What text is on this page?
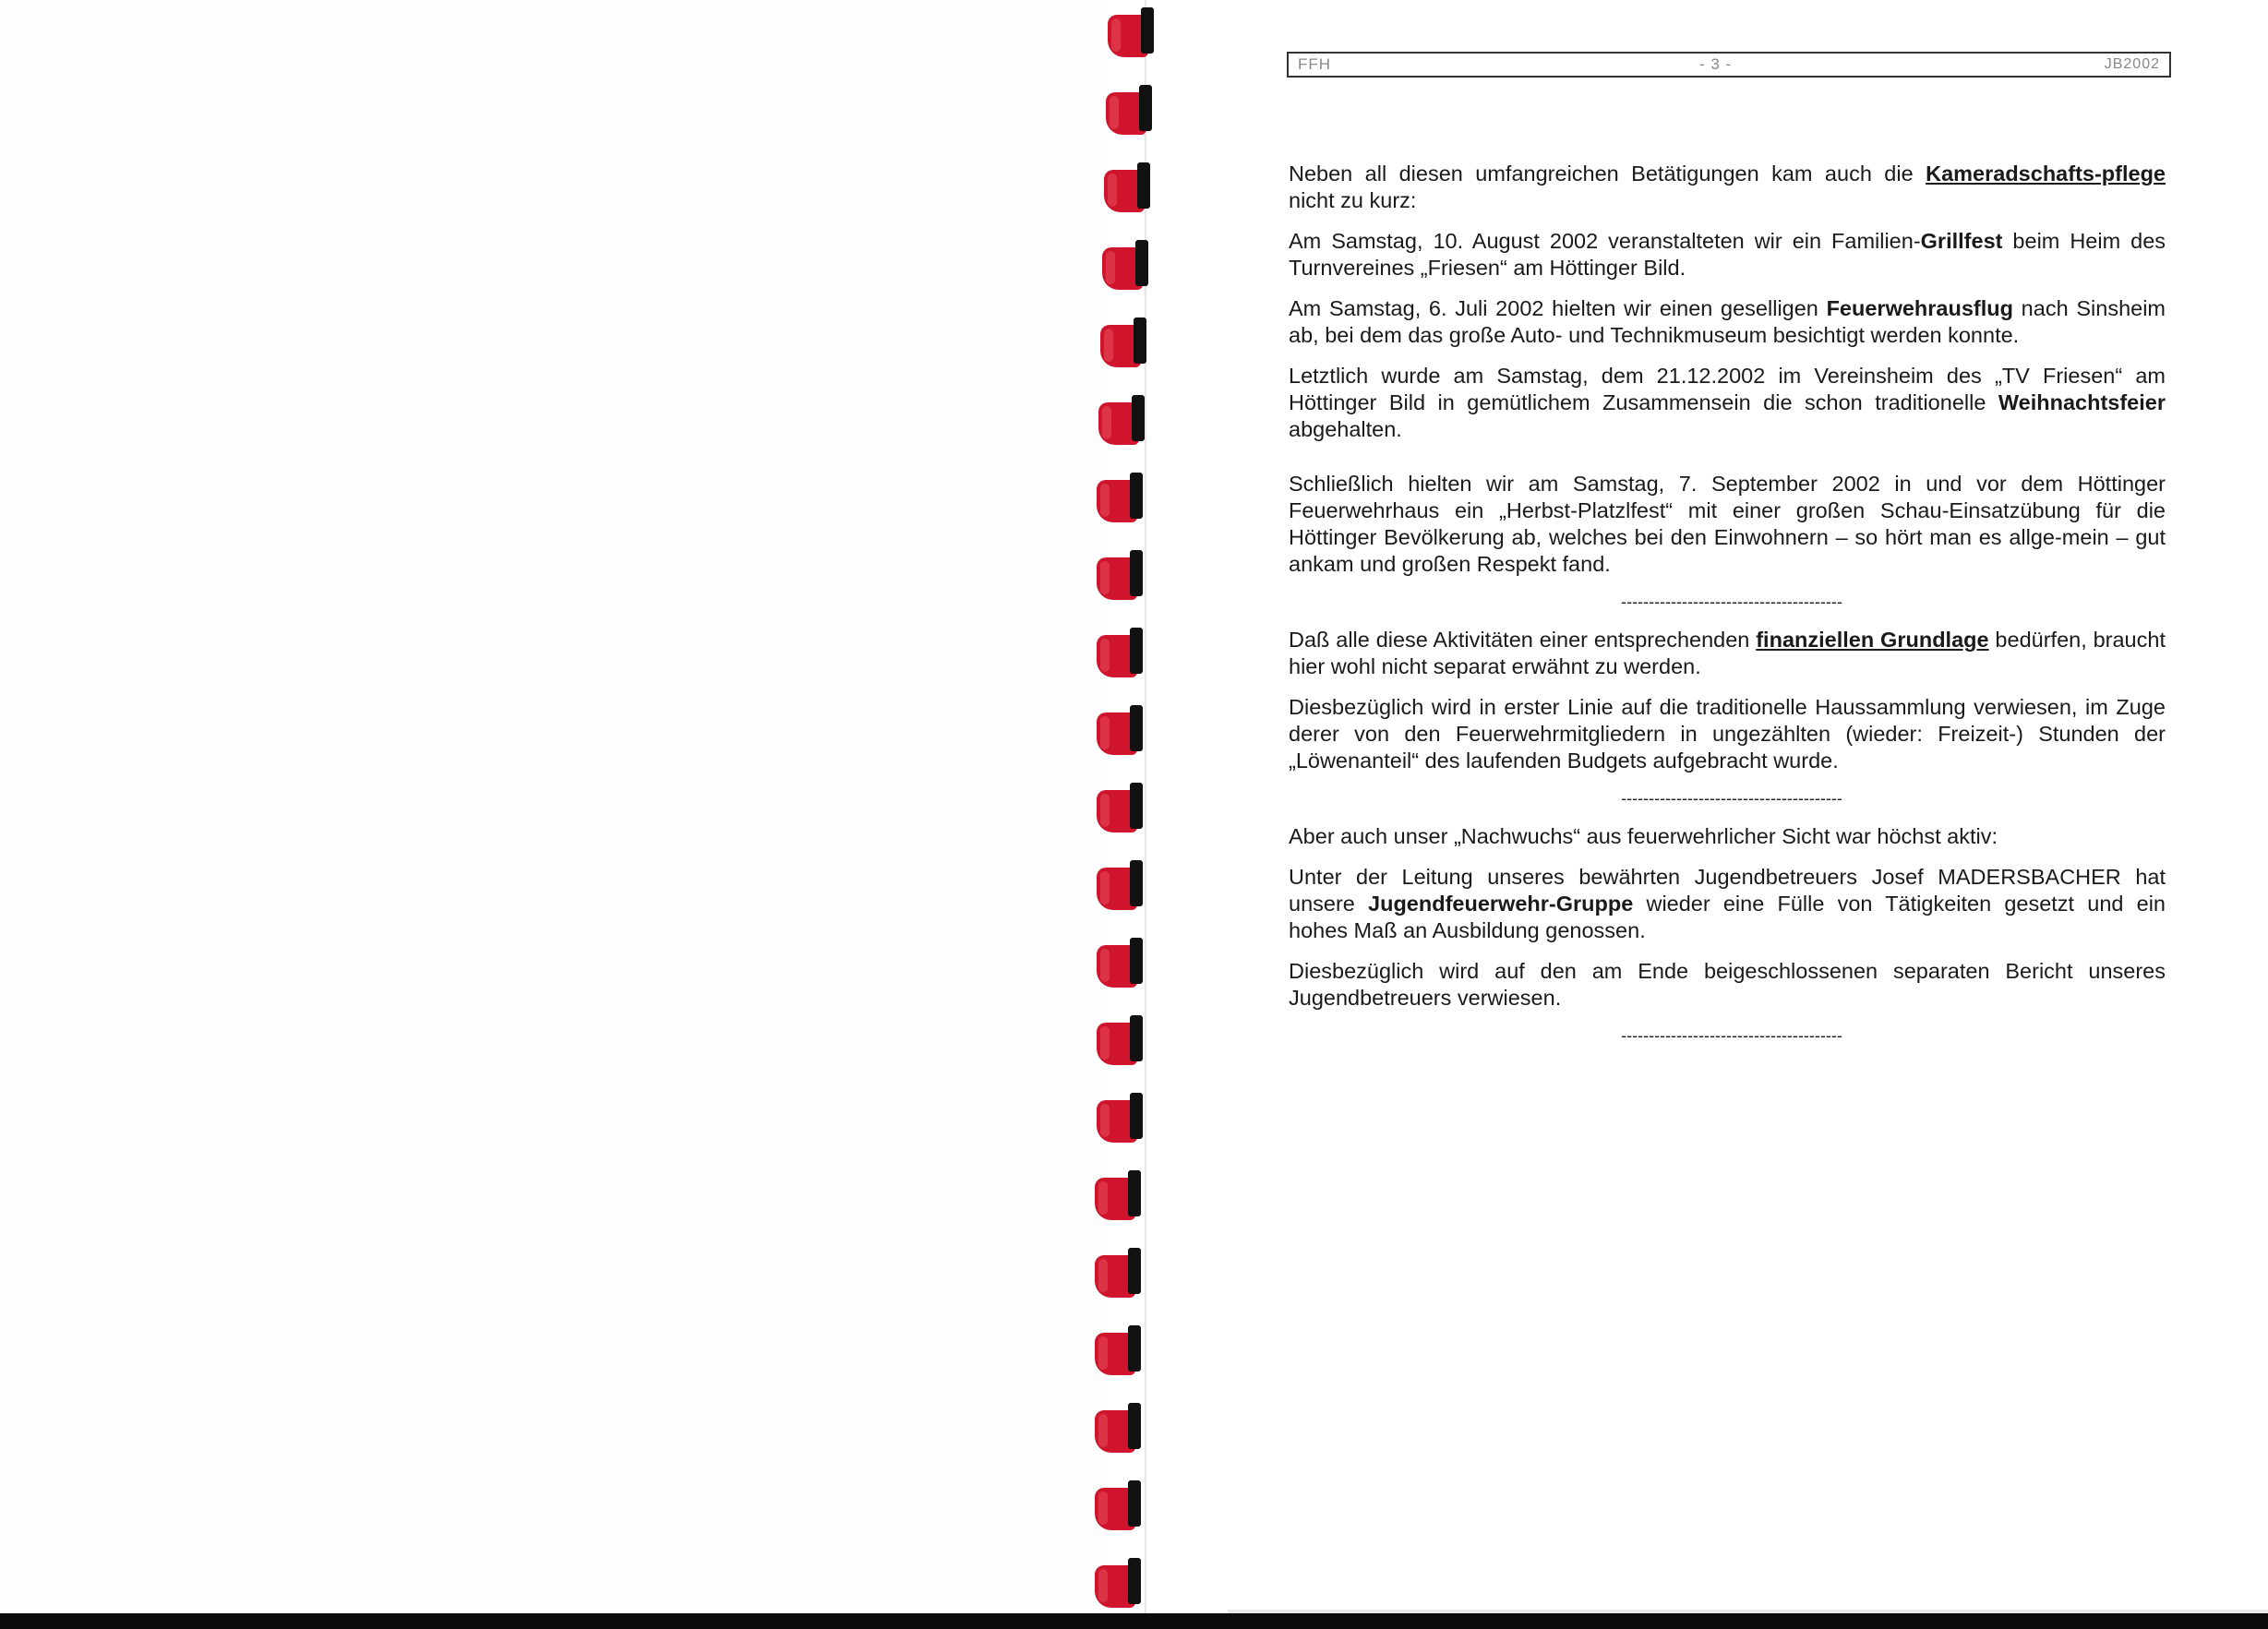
FFH	- 3 -	JB2002

Neben all diesen umfangreichen Betätigungen kam auch die Kameradschafts-pflege nicht zu kurz:

Am Samstag, 10. August 2002 veranstalteten wir ein Familien-Grillfest beim Heim des Turnvereines „Friesen“ am Höttinger Bild.

Am Samstag, 6. Juli 2002 hielten wir einen geselligen Feuerwehrausflug nach Sinsheim ab, bei dem das große Auto- und Technikmuseum besichtigt werden konnte.

Letztlich wurde am Samstag, dem 21.12.2002 im Vereinsheim des „TV Friesen“ am Höttinger Bild in gemütlichem Zusammensein die schon traditionelle Weihnachtsfeier abgehalten.

Schließlich hielten wir am Samstag, 7. September 2002 in und vor dem Höttinger Feuerwehrhaus ein „Herbst-Platzlfest“ mit einer großen Schau-Einsatzübung für die Höttinger Bevölkerung ab, welches bei den Einwohnern – so hört man es allge-mein – gut ankam und großen Respekt fand.

----------------------------------------

Daß alle diese Aktivitäten einer entsprechenden finanziellen Grundlage bedürfen, braucht hier wohl nicht separat erwähnt zu werden.

Diesbezüglich wird in erster Linie auf die traditionelle Haussammlung verwiesen, im Zuge derer von den Feuerwehrmitgliedern in ungezählten (wieder: Freizeit-) Stunden der „Löwenanteil“ des laufenden Budgets aufgebracht wurde.

----------------------------------------

Aber auch unser „Nachwuchs“ aus feuerwehrlicher Sicht war höchst aktiv:

Unter der Leitung unseres bewährten Jugendbetreuers Josef MADERSBACHER hat unsere Jugendfeuerwehr-Gruppe wieder eine Fülle von Tätigkeiten gesetzt und ein hohes Maß an Ausbildung genossen.

Diesbezüglich wird auf den am Ende beigeschlossenen separaten Bericht unseres Jugendbetreuers verwiesen.

----------------------------------------
